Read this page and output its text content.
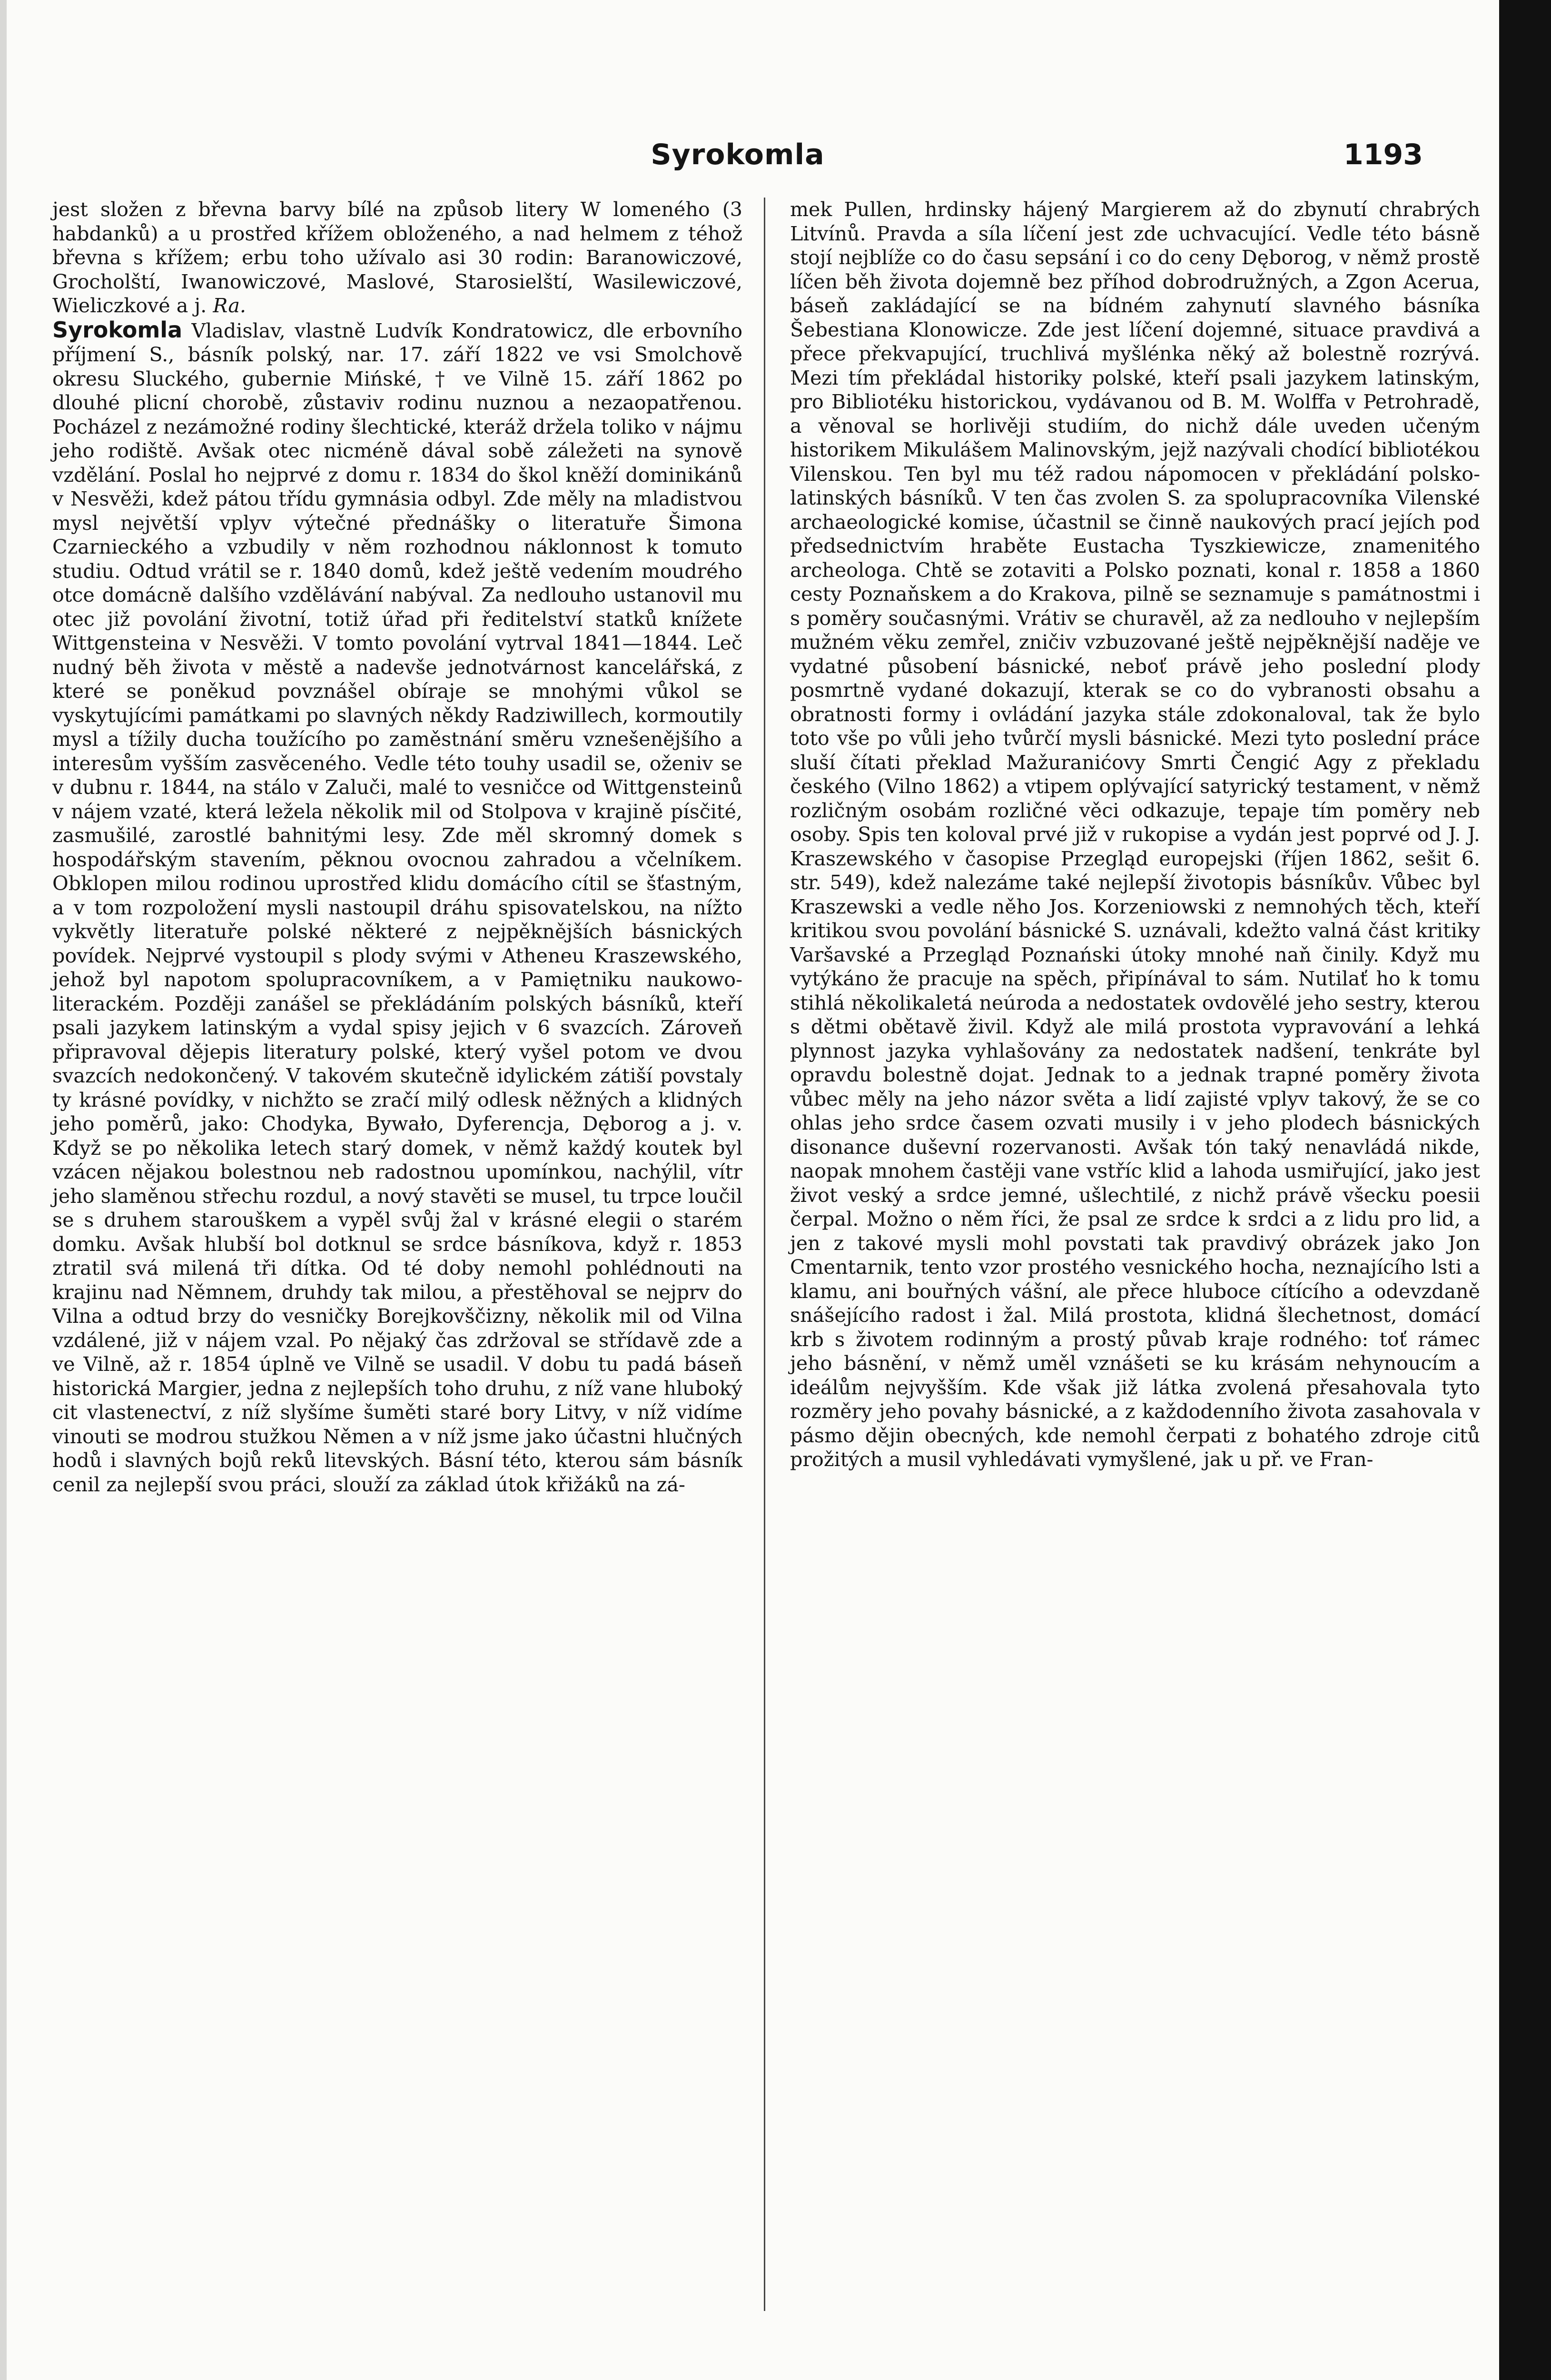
Syrokomla	1193

jest složen z břevna barvy bílé na způsob litery W lomeného (3 habdanků) a u prostřed křížem obloženého, a nad helmem z téhož břevna s křížem; erbu toho užívalo asi 30 rodin: Baranowiczové, Grocholští, Iwanowiczové, Maslové, Starosielští, Wasilewiczové, Wieliczkové a j. Ra.

Syrokomla Vladislav, vlastně Ludvík Kondratowicz, dle erbovního příjmení S., básník polský, nar. 17. září 1822 ve vsi Smolchově okresu Sluckého, gubernie Mińské, † ve Vilně 15. září 1862 po dlouhé plicní chorobě, zůstaviv rodinu nuznou a nezaopatřenou. Pocházel z nezámožné rodiny šlechtické, kteráž držela toliko v nájmu jeho rodiště. Avšak otec nicméně dával sobě záležeti na synově vzdělání. Poslal ho nejprvé z domu r. 1834 do škol kněží dominikánů v Nesvěži, kdež pátou třídu gymnásia odbyl. Zde měly na mladistvou mysl největší vplyv výtečné přednášky o literatuře Šimona Czarnieckého a vzbudily v něm rozhodnou náklonnost k tomuto studiu. Odtud vrátil se r. 1840 domů, kdež ještě vedením moudrého otce domácně dalšího vzdělávání nabýval. Za nedlouho ustanovil mu otec již povolání životní, totiž úřad při ředitelství statků knížete Wittgensteina v Nesvěži. V tomto povolání vytrval 1841—1844. Leč nudný běh života v městě a nadevše jednotvárnost kancelářská, z které se poněkud povznášel obíraje se mnohými vůkol se vyskytujícími památkami po slavných někdy Radziwillech, kormoutily mysl a tížily ducha toužícího po zaměstnání směru vznešenějšího a interesům vyšším zasvěceného. Vedle této touhy usadil se, oženiv se v dubnu r. 1844, na stálo v Zaluči, malé to vesničce od Wittgensteinů v nájem vzaté, která ležela několik mil od Stolpova v krajině písčité, zasmušilé, zarostlé bahnitými lesy. Zde měl skromný domek s hospodářským stavením, pěknou ovocnou zahradou a včelníkem. Obklopen milou rodinou uprostřed klidu domácího cítil se šťastným, a v tom rozpoložení mysli nastoupil dráhu spisovatelskou, na nížto vykvětly literatuře polské některé z nejpěknějších básnických povídek. Nejprvé vystoupil s plody svými v Atheneu Kraszewského, jehož byl napotom spolupracovníkem, a v Pamiętniku naukowo-literackém. Později zanášel se překládáním polských básníků, kteří psali jazykem latinským a vydal spisy jejich v 6 svazcích. Zároveň připravoval dějepis literatury polské, který vyšel potom ve dvou svazcích nedokončený. V takovém skutečně idylickém zátiší povstaly ty krásné povídky, v nichžto se zračí milý odlesk něžných a klidných jeho poměrů, jako: Chodyka, Bywało, Dyferencja, Dęborog a j. v. Když se po několika letech starý domek, v němž každý koutek byl vzácen nějakou bolestnou neb radostnou upomínkou, nachýlil, vítr jeho slaměnou střechu rozdul, a nový stavěti se musel, tu trpce loučil se s druhem starouškem a vypěl svůj žal v krásné elegii o starém domku. Avšak hlubší bol dotknul se srdce básníkova, když r. 1853 ztratil svá milená tři dítka. Od té doby nemohl pohlédnouti na krajinu nad Němnem, druhdy tak milou, a přestěhoval se nejprv do Vilna a odtud brzy do vesničky Borejkovščizny, několik mil od Vilna vzdálené, již v nájem vzal. Po nějaký čas zdržoval se střídavě zde a ve Vilně, až r. 1854 úplně ve Vilně se usadil. V dobu tu padá báseň historická Margier, jedna z nejlepších toho druhu, z níž vane hluboký cit vlastenectví, z níž slyšíme šuměti staré bory Litvy, v níž vidíme vinouti se modrou stužkou Němen a v níž jsme jako účastni hlučných hodů i slavných bojů reků litevských. Básní této, kterou sám básník cenil za nejlepší svou práci, slouží za základ útok křižáků na zá-

mek Pullen, hrdinsky hájený Margierem až do zbynutí chrabrých Litvínů. Pravda a síla líčení jest zde uchvacující. Vedle této básně stojí nejblíže co do času sepsání i co do ceny Dęborog, v němž prostě líčen běh života dojemně bez příhod dobrodružných, a Zgon Acerua, báseň zakládající se na bídném zahynutí slavného básníka Šebestiana Klonowicze. Zde jest líčení dojemné, situace pravdivá a přece překvapující, truchlivá myšlénka něký až bolestně rozrývá. Mezi tím překládal historiky polské, kteří psali jazykem latinským, pro Bibliotéku historickou, vydávanou od B. M. Wolffa v Petrohradě, a věnoval se horlivěji studiím, do nichž dále uveden učeným historikem Mikulášem Malinovským, jejž nazývali chodící bibliotékou Vilenskou. Ten byl mu též radou nápomocen v překládání polsko-latinských básníků. V ten čas zvolen S. za spolupracovníka Vilenské archaeologické komise, účastnil se činně naukových prací jejích pod předsednictvím hraběte Eustacha Tyszkiewicze, znamenitého archeologa. Chtě se zotaviti a Polsko poznati, konal r. 1858 a 1860 cesty Poznaňskem a do Krakova, pilně se seznamuje s památnostmi i s poměry současnými. Vrátiv se churavěl, až za nedlouho v nejlepším mužném věku zemřel, zničiv vzbuzované ještě nejpěknější naděje ve vydatné působení básnické, neboť právě jeho poslední plody posmrtně vydané dokazují, kterak se co do vybranosti obsahu a obratnosti formy i ovládání jazyka stále zdokonaloval, tak že bylo toto vše po vůli jeho tvůrčí mysli básnické. Mezi tyto poslední práce sluší čítati překlad Mažuranićovy Smrti Čengić Agy z překladu českého (Vilno 1862) a vtipem oplývající satyrický testament, v němž rozličným osobám rozličné věci odkazuje, tepaje tím poměry neb osoby. Spis ten koloval prvé již v rukopise a vydán jest poprvé od J. J. Kraszewského v časopise Przegląd europejski (říjen 1862, sešit 6. str. 549), kdež nalezáme také nejlepší životopis básníkův. Vůbec byl Kraszewski a vedle něho Jos. Korzeniowski z nemnohých těch, kteří kritikou svou povolání básnické S. uznávali, kdežto valná část kritiky Varšavské a Przegląd Poznański útoky mnohé naň činily. Když mu vytýkáno že pracuje na spěch, připínával to sám. Nutilať ho k tomu stihlá několikaletá neúroda a nedostatek ovdovělé jeho sestry, kterou s dětmi obětavě živil. Když ale milá prostota vypravování a lehká plynnost jazyka vyhlašovány za nedostatek nadšení, tenkráte byl opravdu bolestně dojat. Jednak to a jednak trapné poměry života vůbec měly na jeho názor světa a lidí zajisté vplyv takový, že se co ohlas jeho srdce časem ozvati musily i v jeho plodech básnických disonance duševní rozervanosti. Avšak tón taký nenavládá nikde, naopak mnohem častěji vane vstříc klid a lahoda usmiřující, jako jest život veský a srdce jemné, ušlechtilé, z nichž právě všecku poesii čerpal. Možno o něm říci, že psal ze srdce k srdci a z lidu pro lid, a jen z takové mysli mohl povstati tak pravdivý obrázek jako Jon Cmentarnik, tento vzor prostého vesnického hocha, neznajícího lsti a klamu, ani bouřných vášní, ale přece hluboce cítícího a odevzdaně snášejícího radost i žal. Milá prostota, klidná šlechetnost, domácí krb s životem rodinným a prostý půvab kraje rodného: toť rámec jeho básnění, v němž uměl vznášeti se ku krásám nehynoucím a ideálům nejvyšším. Kde však již látka zvolená přesahovala tyto rozměry jeho povahy básnické, a z každodenního života zasahovala v pásmo dějin obecných, kde nemohl čerpati z bohatého zdroje citů prožitých a musil vyhledávati vymyšlené, jak u př. ve Fran-
